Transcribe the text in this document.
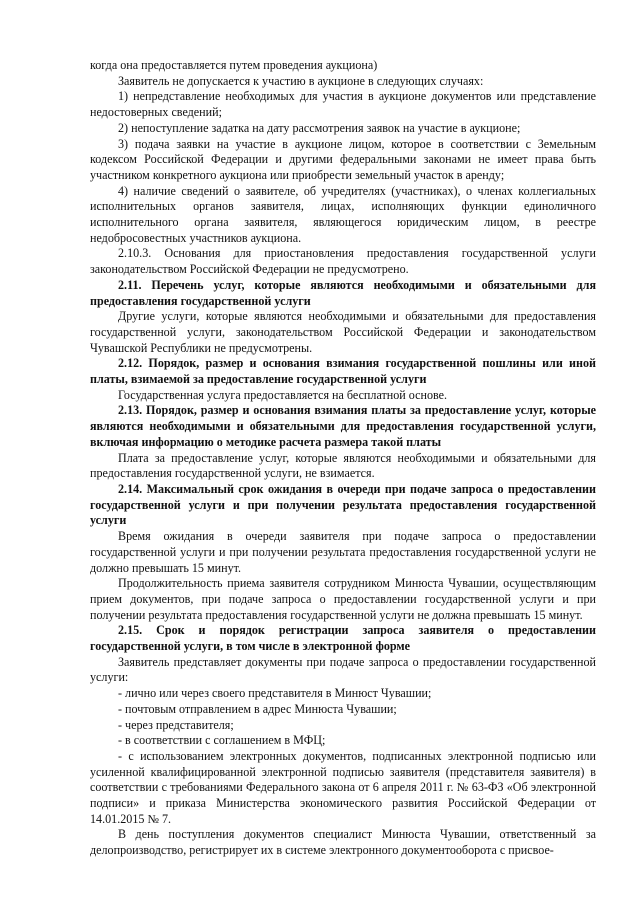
когда она предоставляется путем проведения аукциона)

Заявитель не допускается к участию в аукционе в следующих случаях:

1) непредставление необходимых для участия в аукционе документов или представление недостоверных сведений;

2) непоступление задатка на дату рассмотрения заявок на участие в аукционе;

3) подача заявки на участие в аукционе лицом, которое в соответствии с Земельным кодексом Российской Федерации и другими федеральными законами не имеет права быть участником конкретного аукциона или приобрести земельный участок в аренду;

4) наличие сведений о заявителе, об учредителях (участниках), о членах коллегиальных исполнительных органов заявителя, лицах, исполняющих функции единоличного исполнительного органа заявителя, являющегося юридическим лицом, в реестре недобросовестных участников аукциона.

2.10.3. Основания для приостановления предоставления государственной услуги законодательством Российской Федерации не предусмотрено.

2.11. Перечень услуг, которые являются необходимыми и обязательными для предоставления государственной услуги

Другие услуги, которые являются необходимыми и обязательными для предоставления государственной услуги, законодательством Российской Федерации и законодательством Чувашской Республики не предусмотрены.

2.12. Порядок, размер и основания взимания государственной пошлины или иной платы, взимаемой за предоставление государственной услуги

Государственная услуга предоставляется на бесплатной основе.

2.13. Порядок, размер и основания взимания платы за предоставление услуг, которые являются необходимыми и обязательными для предоставления государственной услуги, включая информацию о методике расчета размера такой платы

Плата за предоставление услуг, которые являются необходимыми и обязательными для предоставления государственной услуги, не взимается.

2.14. Максимальный срок ожидания в очереди при подаче запроса о предоставлении государственной услуги и при получении результата предоставления государственной услуги

Время ожидания в очереди заявителя при подаче запроса о предоставлении государственной услуги и при получении результата предоставления государственной услуги не должно превышать 15 минут.

Продолжительность приема заявителя сотрудником Минюста Чувашии, осуществляющим прием документов, при подаче запроса о предоставлении государственной услуги и при получении результата предоставления государственной услуги не должна превышать 15 минут.

2.15. Срок и порядок регистрации запроса заявителя о предоставлении государственной услуги, в том числе в электронной форме

Заявитель представляет документы при подаче запроса о предоставлении государственной услуги:

- лично или через своего представителя в Минюст Чувашии;

- почтовым отправлением в адрес Минюста Чувашии;

- через представителя;

- в соответствии с соглашением в МФЦ;

- с использованием электронных документов, подписанных электронной подписью или усиленной квалифицированной электронной подписью заявителя (представителя заявителя) в соответствии с требованиями Федерального закона от 6 апреля 2011 г. № 63-ФЗ «Об электронной подписи» и приказа Министерства экономического развития Российской Федерации от 14.01.2015 № 7.

В день поступления документов специалист Минюста Чувашии, ответственный за делопроизводство, регистрирует их в системе электронного документооборота с присвое-
